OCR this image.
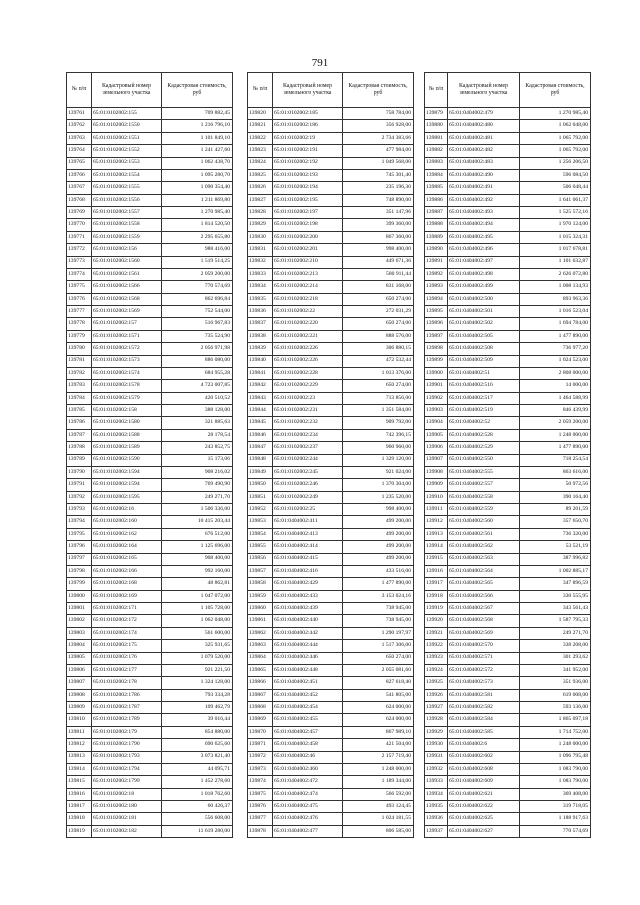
791
№ п/п	Кадастровый номер земельного участка	Кадастровая стоимость, руб
139761	65:01:0102002:155	709 882,45
139762	65:01:0102002:1550	1 216 796,10
139763	65:01:0102002:1551	1 101 849,10
139764	65:01:0102002:1552	1 241 427,60
139765	65:01:0102002:1553	1 062 438,70
139766	65:01:0102002:1554	1 095 280,70
139767	65:01:0102002:1555	1 090 354,40
139768	65:01:0102002:1556	1 211 869,80
139769	65:01:0102002:1557	1 270 985,40
139770	65:01:0102002:1558	1 814 520,50
139771	65:01:0102002:1559	2 295 655,80
139772	65:01:0102002:156	988 416,00
139773	65:01:0102002:1560	1 519 514,25
139774	65:01:0102002:1561	2 059 200,00
139775	65:01:0102002:1566	770 574,69
139776	65:01:0102002:1568	862 696,84
139777	65:01:0102002:1569	752 544,00
139778	65:01:0102002:157	516 967,83
139779	65:01:0102002:1571	735 524,90
139780	65:01:0102002:1572	2 056 971,98
139781	65:01:0102002:1573	886 080,00
139782	65:01:0102002:1574	684 955,28
139783	65:01:0102002:1578	4 723 007,85
139784	65:01:0102002:1579	420 510,52
139785	65:01:0102002:158	388 128,00
139786	65:01:0102002:1580	321 885,63
139787	65:01:0102002:1588	28 178,54
139788	65:01:0102002:1589	243 852,75
139789	65:01:0102002:1590	15 173,06
139790	65:01:0102002:1594	908 216,02
139791	65:01:0102002:1594	769 490,90
139792	65:01:0102002:1595	249 271,70
139793	65:01:0102002:16	1 506 336,00
139794	65:01:0102002:160	10 415 203,44
139795	65:01:0102002:162	676 512,00
139796	65:01:0102002:164	1 125 696,00
139797	65:01:0102002:165	908 400,00
139798	65:01:0102002:166	992 160,00
139799	65:01:0102002:168	48 862,81
139800	65:01:0102002:169	1 047 072,00
139801	65:01:0102002:171	1 105 728,00
139802	65:01:0102002:172	1 062 048,00
139803	65:01:0102002:174	561 600,00
139804	65:01:0102002:175	325 931,65
139805	65:01:0102002:176	1 079 520,00
139806	65:01:0102002:177	921 221,50
139807	65:01:0102002:178	1 324 128,00
139808	65:01:0102002:1786	793 334,28
139809	65:01:0102002:1787	109 462,79
139810	65:01:0102002:1789	39 016,44
139811	65:01:0102002:179	854 880,00
139812	65:01:0102002:1790	690 625,60
139813	65:01:0102002:1793	3 073 821,40
139814	65:01:0102002:1794	44 095,71
139815	65:01:0102002:1799	1 452 278,60
139816	65:01:0102002:18	1 018 762,60
139817	65:01:0102002:180	60 426,37
139818	65:01:0102002:181	556 608,00
139819	65:01:0102002:182	11 619 280,00
№ п/п	Кадастровый номер земельного участка	Кадастровая стоимость, руб
139820	65:01:0102002:185	758 784,00
139821	65:01:0102002:186	356 928,00
139822	65:01:0102002:19	2 734 383,66
139823	65:01:0102002:191	477 984,00
139824	65:01:0102002:192	1 049 568,00
139825	65:01:0102002:193	745 301,40
139826	65:01:0102002:194	235 196,30
139827	65:01:0102002:195	748 890,00
139828	65:01:0102002:197	351 147,96
139829	65:01:0102002:198	399 360,00
139830	65:01:0102002:200	867 360,00
139831	65:01:0102002:201	998 400,00
139832	65:01:0102002:210	449 671,36
139833	65:01:0102002:213	580 911,44
139834	65:01:0102002:214	831 168,00
139835	65:01:0102002:218	650 274,00
139836	65:01:0102002:22	272 031,29
139837	65:01:0102002:220	650 274,00
139838	65:01:0102002:221	888 576,00
139839	65:01:0102002:226	306 880,15
139840	65:01:0102002:226	472 532,44
139841	65:01:0102002:228	1 013 376,00
139842	65:01:0102002:229	650 274,00
139843	65:01:0102002:23	713 856,00
139844	65:01:0102002:231	1 351 584,00
139845	65:01:0102002:232	909 792,00
139846	65:01:0102002:234	742 396,15
139847	65:01:0102002:237	960 960,00
139848	65:01:0102002:244	1 329 120,00
139849	65:01:0102002:245	921 024,00
139850	65:01:0102002:246	1 370 304,00
139851	65:01:0102002:249	1 235 520,00
139852	65:01:0102002:25	998 400,00
139853	65:01:0404002:411	499 200,00
139854	65:01:0404002:413	499 200,00
139855	65:01:0404002:414	499 200,00
139856	65:01:0404002:415	499 200,00
139857	65:01:0404002:416	433 516,00
139858	65:01:0404002:429	1 477 890,00
139859	65:01:0404002:433	3 153 024,16
139860	65:01:0404002:439	738 945,00
139861	65:01:0404002:440	738 945,00
139862	65:01:0404002:442	1 290 197,97
139863	65:01:0404002:444	1 517 306,00
139864	65:01:0404002:446	650 274,00
139865	65:01:0404002:448	2 055 081,60
139866	65:01:0404002:451	827 618,40
139867	65:01:0404002:452	541 805,00
139868	65:01:0404002:454	624 000,00
139869	65:01:0404002:455	624 000,00
139870	65:01:0404002:457	867 989,10
139871	65:01:0404002:458	421 504,00
139872	65:01:0404002:46	2 157 719,40
139873	65:01:0404002:460	1 248 000,00
139874	65:01:0404002:472	1 189 344,00
139875	65:01:0404002:474	566 592,00
139876	65:01:0404002:475	493 124,45
139877	65:01:0404002:476	1 024 181,55
139878	65:01:0404002:477	806 585,00
№ п/п	Кадастровый номер земельного участка	Кадастровая стоимость, руб
139879	65:01:0404002:479	1 270 985,40
139880	65:01:0404002:480	1 062 048,00
139881	65:01:0404002:481	1 065 792,00
139882	65:01:0404002:482	1 065 792,00
139883	65:01:0404002:483	1 256 206,50
139884	65:01:0404002:490	596 084,50
139885	65:01:0404002:491	506 048,44
139886	65:01:0404002:492	1 641 061,37
139887	65:01:0404002:493	1 525 572,16
139888	65:01:0404002:494	1 970 124,00
139889	65:01:0404002:495	1 015 324,31
139890	65:01:0404002:496	1 017 678,81
139891	65:01:0404002:497	1 101 632,87
139892	65:01:0404002:498	2 626 072,80
139893	65:01:0404002:499	1 008 134,93
139894	65:01:0404002:500	893 963,36
139895	65:01:0404002:501	1 016 523,04
139896	65:01:0404002:502	1 694 784,00
139897	65:01:0404002:505	1 477 890,00
139898	65:01:0404002:508	736 977,20
139899	65:01:0404002:509	1 024 523,00
139900	65:01:0404002:51	2 808 000,00
139901	65:01:0404002:516	14 000,00
139902	65:01:0404002:517	1 464 588,99
139903	65:01:0404002:519	846 439,99
139904	65:01:0404002:52	2 059 200,00
139905	65:01:0404002:528	1 248 000,00
139906	65:01:0404002:529	1 477 890,00
139907	65:01:0404002:550	718 254,54
139908	65:01:0404002:555	863 616,00
139909	65:01:0404002:557	50 972,56
139910	65:01:0404002:558	390 164,40
139911	65:01:0404002:559	89 201,59
139912	65:01:0404002:560	357 650,70
139913	65:01:0404002:561	736 320,00
139914	65:01:0404002:562	53 521,19
139915	65:01:0404002:563	387 996,82
139916	65:01:0404002:564	1 002 885,17
139917	65:01:0404002:565	347 896,59
139918	65:01:0404002:566	330 555,95
139919	65:01:0404002:567	343 561,43
139920	65:01:0404002:568	1 587 795,33
139921	65:01:0404002:569	249 271,70
139922	65:01:0404002:570	338 208,00
139923	65:01:0404002:571	301 293,62
139924	65:01:0404002:572	341 952,00
139925	65:01:0404002:573	351 936,00
139926	65:01:0404002:581	619 008,00
139927	65:01:0404002:582	593 136,00
139928	65:01:0404002:584	1 865 097,18
139929	65:01:0404002:585	1 714 752,00
139930	65:01:0404002:6	1 248 000,00
139931	65:01:0404002:602	1 096 795,48
139932	65:01:0404002:608	1 083 790,00
139933	65:01:0404002:609	1 083 790,00
139934	65:01:0404002:621	369 408,00
139935	65:01:0404002:622	319 718,05
139936	65:01:0404002:625	1 188 917,63
139937	65:01:0404002:627	770 574,69
